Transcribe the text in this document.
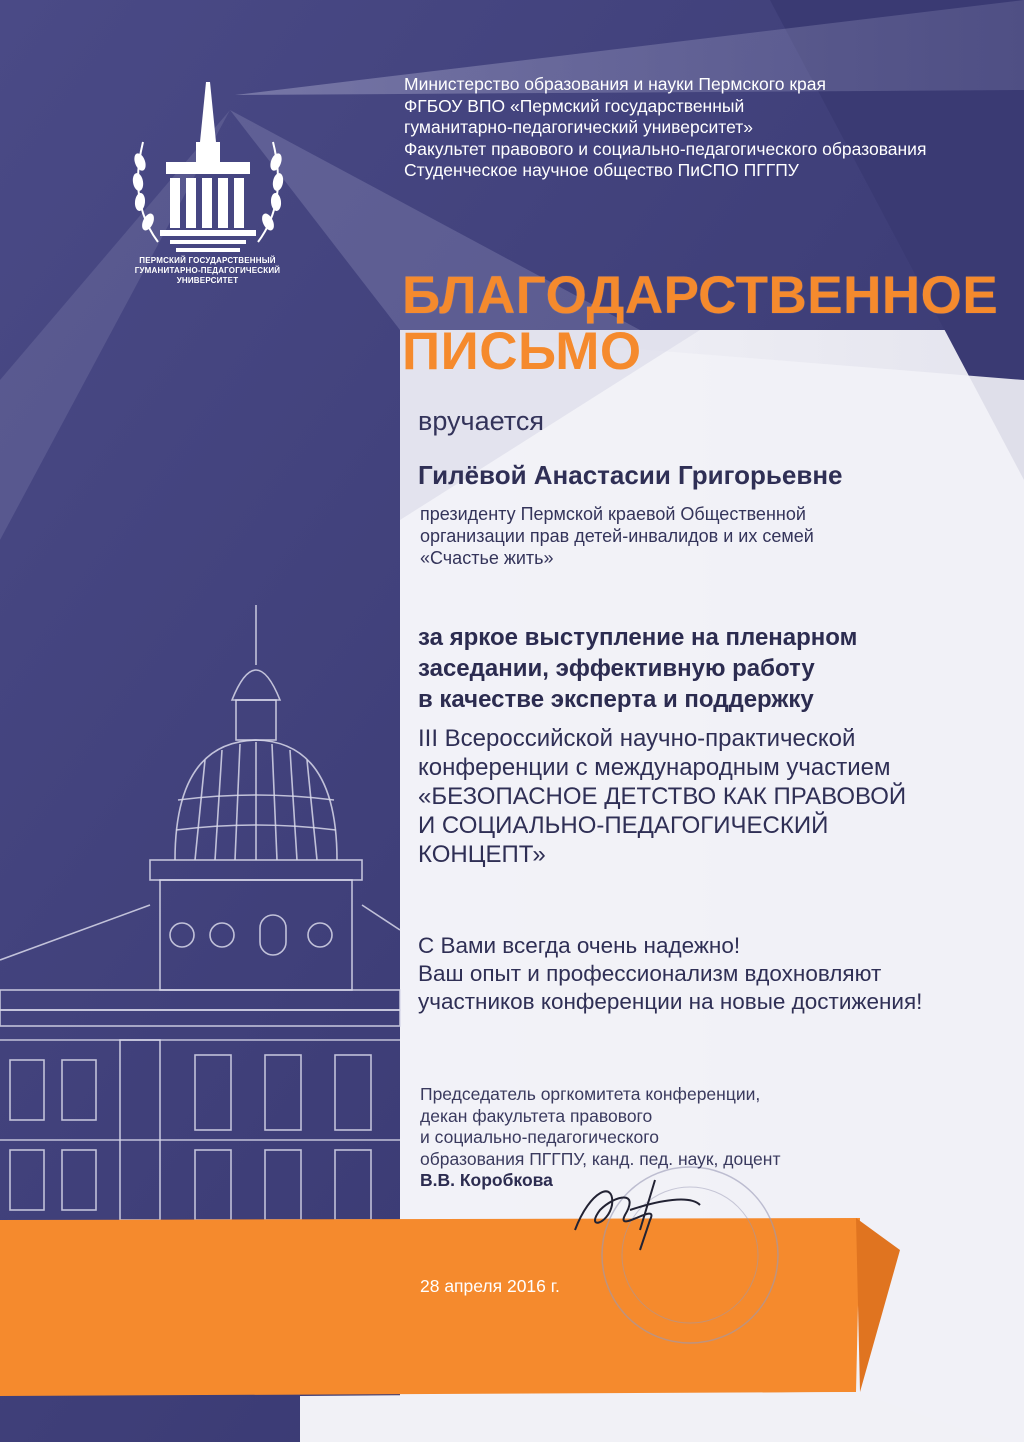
ПЕРМСКИЙ ГОСУДАРСТВЕННЫЙ
ГУМАНИТАРНО-ПЕДАГОГИЧЕСКИЙ
УНИВЕРСИТЕТ
Министерство образования и науки Пермского края
ФГБОУ ВПО «Пермский государственный
гуманитарно-педагогический университет»
Факультет правового и социально-педагогического образования
Студенческое научное общество ПиСПО ПГГПУ
БЛАГОДАРСТВЕННОЕ
ПИСЬМО
вручается
Гилёвой Анастасии Григорьевне
президенту Пермской краевой Общественной
организации прав детей-инвалидов и их семей
«Счастье жить»
за яркое выступление на пленарном
заседании, эффективную работу
в качестве эксперта и поддержку
III Всероссийской научно-практической
конференции с международным участием
«БЕЗОПАСНОЕ ДЕТСТВО КАК ПРАВОВОЙ
И СОЦИАЛЬНО-ПЕДАГОГИЧЕСКИЙ
КОНЦЕПТ»
С Вами всегда очень надежно!
Ваш опыт и профессионализм вдохновляют
участников конференции на новые достижения!
Председатель оргкомитета конференции,
декан факультета правового
и социально-педагогического
образования ПГГПУ, канд. пед. наук, доцент
В.В. Коробкова
28 апреля 2016 г.
